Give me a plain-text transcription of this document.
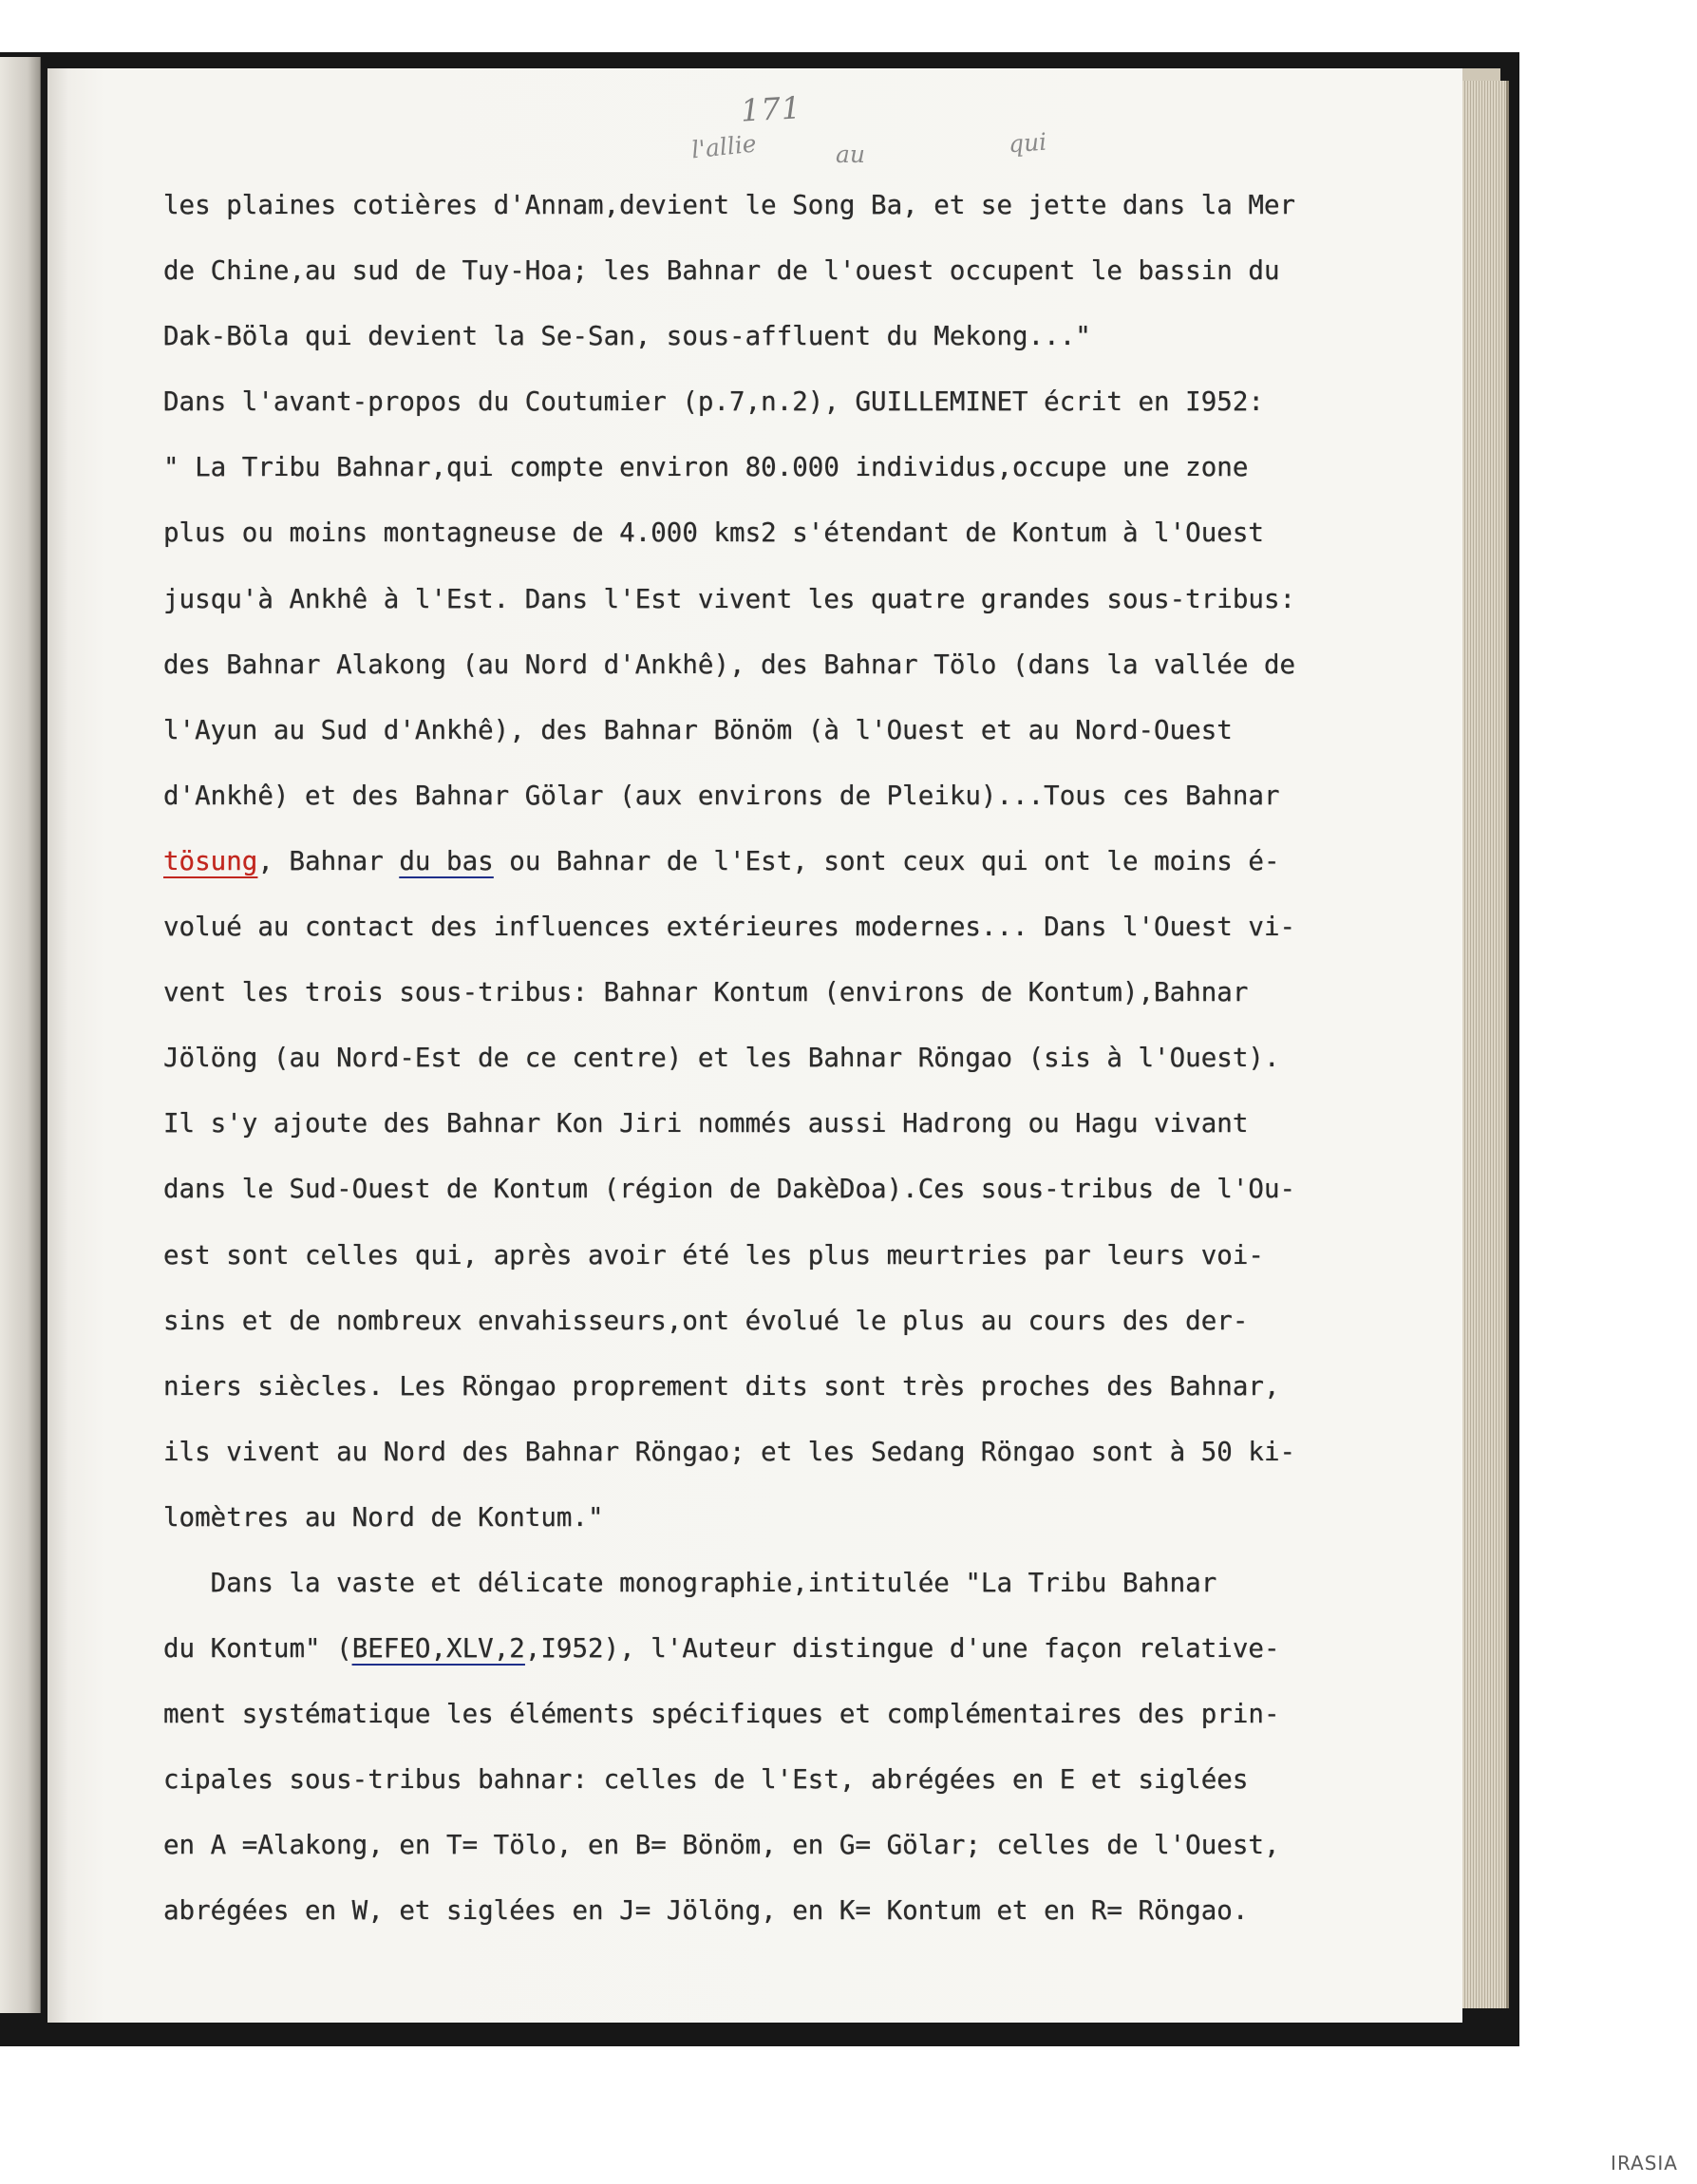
171
l'allie	au	qui
les plaines cotières d'Annam,devient le Song Ba, et se jette dans la Mer
de Chine,au sud de Tuy-Hoa; les Bahnar de l'ouest occupent le bassin du
Dak-Böla qui devient la Se-San, sous-affluent du Mekong..."
Dans l'avant-propos du Coutumier (p.7,n.2), GUILLEMINET écrit en I952:
" La Tribu Bahnar,qui compte environ 80.000 individus,occupe une zone
plus ou moins montagneuse de 4.000 kms2 s'étendant de Kontum à l'Ouest
jusqu'à Ankhê à l'Est. Dans l'Est vivent les quatre grandes sous-tribus:
des Bahnar Alakong (au Nord d'Ankhê), des Bahnar Tölo (dans la vallée de
l'Ayun au Sud d'Ankhê), des Bahnar Bönöm (à l'Ouest et au Nord-Ouest
d'Ankhê) et des Bahnar Gölar (aux environs de Pleiku)...Tous ces Bahnar
tösung, Bahnar du bas ou Bahnar de l'Est, sont ceux qui ont le moins é-
volué au contact des influences extérieures modernes... Dans l'Ouest vi-
vent les trois sous-tribus: Bahnar Kontum (environs de Kontum),Bahnar
Jölöng (au Nord-Est de ce centre) et les Bahnar Röngao (sis à l'Ouest).
Il s'y ajoute des Bahnar Kon Jiri nommés aussi Hadrong ou Hagu vivant
dans le Sud-Ouest de Kontum (région de DakèDoa).Ces sous-tribus de l'Ou-
est sont celles qui, après avoir été les plus meurtries par leurs voi-
sins et de nombreux envahisseurs,ont évolué le plus au cours des der-
niers siècles. Les Röngao proprement dits sont très proches des Bahnar,
ils vivent au Nord des Bahnar Röngao; et les Sedang Röngao sont à 50 ki-
lomètres au Nord de Kontum."
Dans la vaste et délicate monographie,intitulée "La Tribu Bahnar
du Kontum" (BEFEO,XLV,2,I952), l'Auteur distingue d'une façon relative-
ment systématique les éléments spécifiques et complémentaires des prin-
cipales sous-tribus bahnar: celles de l'Est, abrégées en E et siglées
en A =Alakong, en T= Tölo, en B= Bönöm, en G= Gölar; celles de l'Ouest,
abrégées en W, et siglées en J= Jölöng, en K= Kontum et en R= Röngao.
IRASIA
